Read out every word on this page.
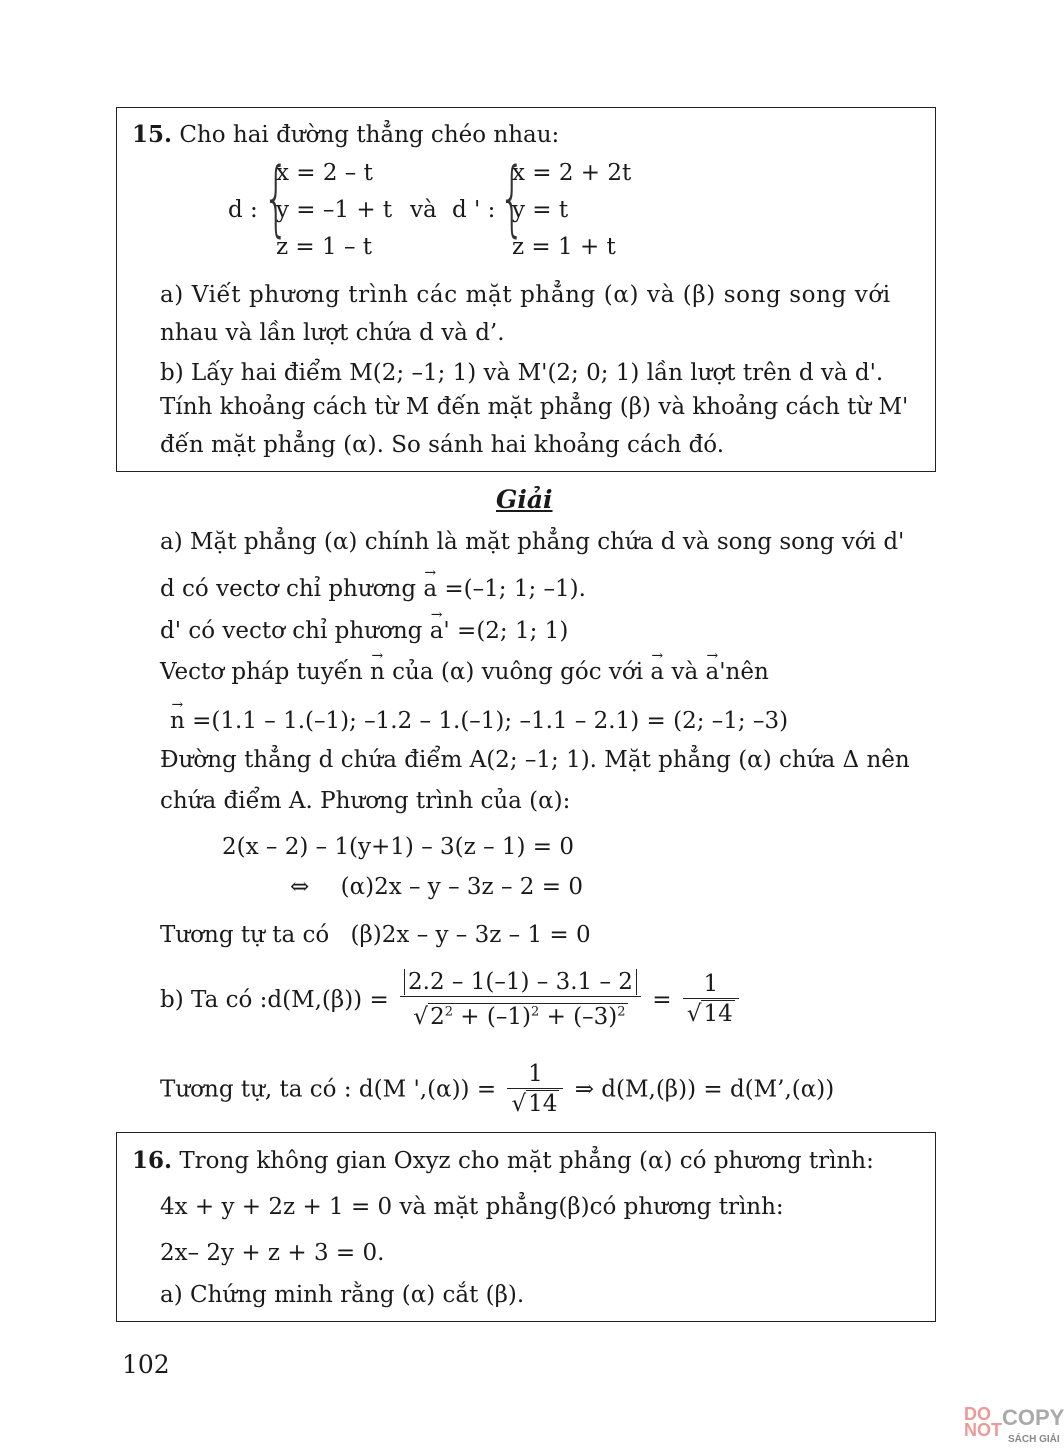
15. Cho hai đường thẳng chéo nhau:
d : {
x = 2 – t
y = –1 + t
z = 1 – t
và d ' : {
x = 2 + 2t
y = t
z = 1 + t
a) Viết phương trình các mặt phẳng (α) và (β) song song với
nhau và lần lượt chứa d và d’.
b) Lấy hai điểm M(2; –1; 1) và M'(2; 0; 1) lần lượt trên d và d'.
Tính khoảng cách từ M đến mặt phẳng (β) và khoảng cách từ M'
đến mặt phẳng (α). So sánh hai khoảng cách đó.
Giải
a) Mặt phẳng (α) chính là mặt phẳng chứa d và song song với d'
d có vectơ chỉ phương → a =(–1; 1; –1).
d' có vectơ chỉ phương → a' =(2; 1; 1)
Vectơ pháp tuyến → n của (α) vuông góc với → a và → a'nên
→ n =(1.1 – 1.(–1); –1.2 – 1.(–1); –1.1 – 2.1) = (2; –1; –3)
Đường thẳng d chứa điểm A(2; –1; 1). Mặt phẳng (α) chứa Δ nên
chứa điểm A. Phương trình của (α):
2(x – 2) – 1(y+1) – 3(z – 1) = 0
⇔ (α)2x – y – 3z – 2 = 0
Tương tự ta có (β)2x – y – 3z – 1 = 0
b) Ta có :d(M,(β)) = 2.2 – 1(–1) – 3.1 – 2
√ $2^2 + (-1)^2 + (-3)^2 = 1$
√ 14
Tương tự, ta có : d(M ',(α)) = 1
√ 14 ⇒ d(M,(β)) = d(M’,(α))
16. Trong không gian Oxyz cho mặt phẳng (α) có phương trình:
4x + y + 2z + 1 = 0 và mặt phẳng(β)có phương trình:
2x– 2y + z + 3 = 0.
a) Chứng minh rằng (α) cắt (β).
102
DO
NOT COPY
SÁCH GIẢI
